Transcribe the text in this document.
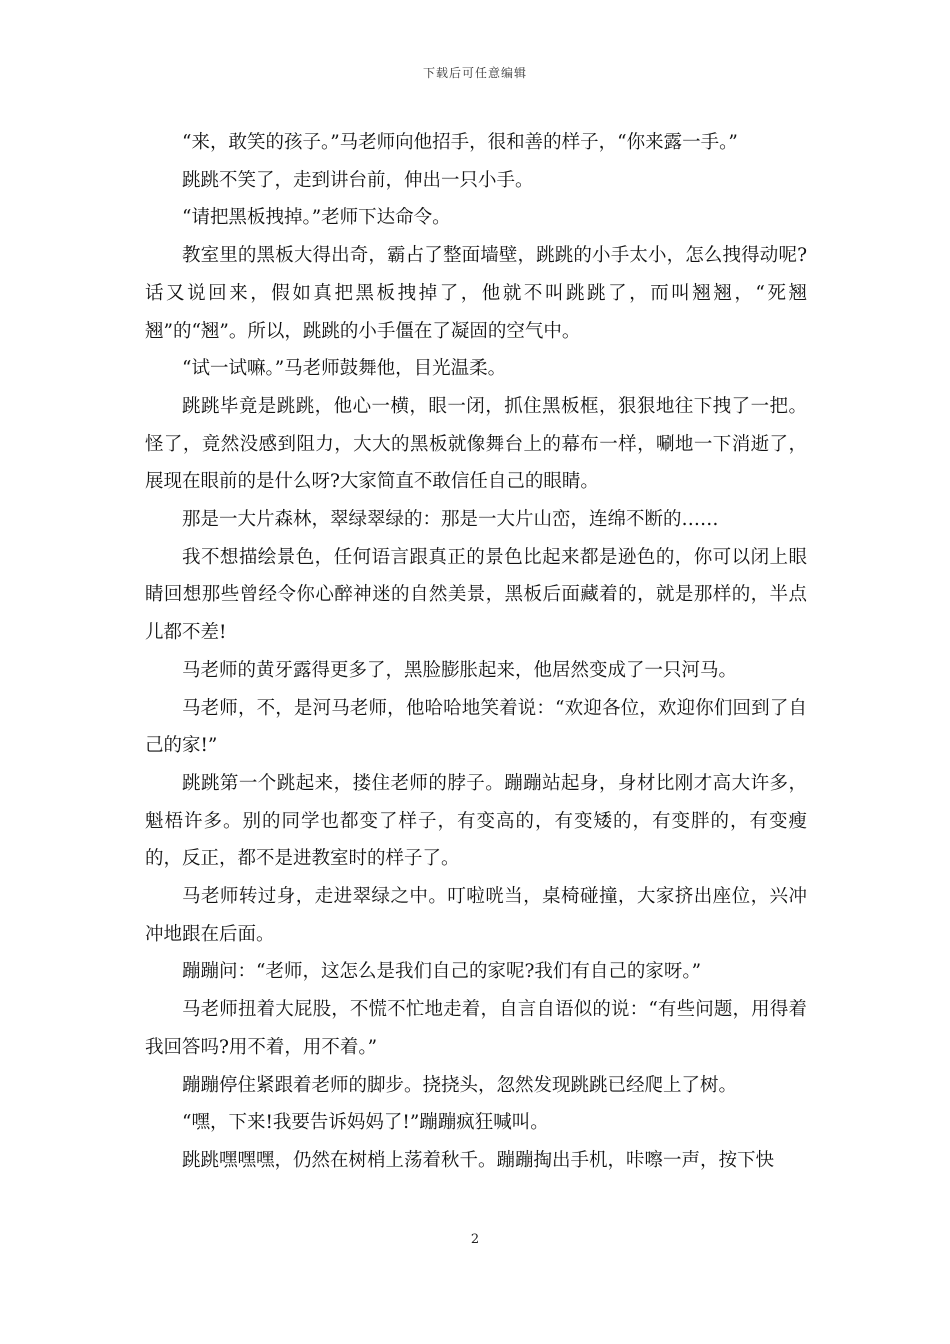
下载后可任意编辑

“来，敢笑的孩子。”马老师向他招手，很和善的样子，“你来露一手。”

跳跳不笑了，走到讲台前，伸出一只小手。

“请把黑板拽掉。”老师下达命令。

教室里的黑板大得出奇，霸占了整面墙壁，跳跳的小手太小，怎么拽得动呢?话又说回来，假如真把黑板拽掉了，他就不叫跳跳了，而叫翘翘，“死翘翘”的“翘”。所以，跳跳的小手僵在了凝固的空气中。

“试一试嘛。”马老师鼓舞他，目光温柔。

跳跳毕竟是跳跳，他心一横，眼一闭，抓住黑板框，狠狠地往下拽了一把。怪了，竟然没感到阻力，大大的黑板就像舞台上的幕布一样，唰地一下消逝了，展现在眼前的是什么呀?大家简直不敢信任自己的眼睛。

那是一大片森林，翠绿翠绿的：那是一大片山峦，连绵不断的……

我不想描绘景色，任何语言跟真正的景色比起来都是逊色的，你可以闭上眼睛回想那些曾经令你心醉神迷的自然美景，黑板后面藏着的，就是那样的，半点儿都不差!

马老师的黄牙露得更多了，黑脸膨胀起来，他居然变成了一只河马。

马老师，不，是河马老师，他哈哈地笑着说：“欢迎各位，欢迎你们回到了自己的家!”

跳跳第一个跳起来，搂住老师的脖子。蹦蹦站起身，身材比刚才高大许多，魁梧许多。别的同学也都变了样子，有变高的，有变矮的，有变胖的，有变瘦的，反正，都不是进教室时的样子了。

马老师转过身，走进翠绿之中。叮啦咣当，桌椅碰撞，大家挤出座位，兴冲冲地跟在后面。

蹦蹦问：“老师，这怎么是我们自己的家呢?我们有自己的家呀。”

马老师扭着大屁股，不慌不忙地走着，自言自语似的说：“有些问题，用得着我回答吗?用不着，用不着。”

蹦蹦停住紧跟着老师的脚步。挠挠头，忽然发现跳跳已经爬上了树。

“嘿，下来!我要告诉妈妈了!”蹦蹦疯狂喊叫。

跳跳嘿嘿嘿，仍然在树梢上荡着秋千。蹦蹦掏出手机，咔嚓一声，按下快

2
